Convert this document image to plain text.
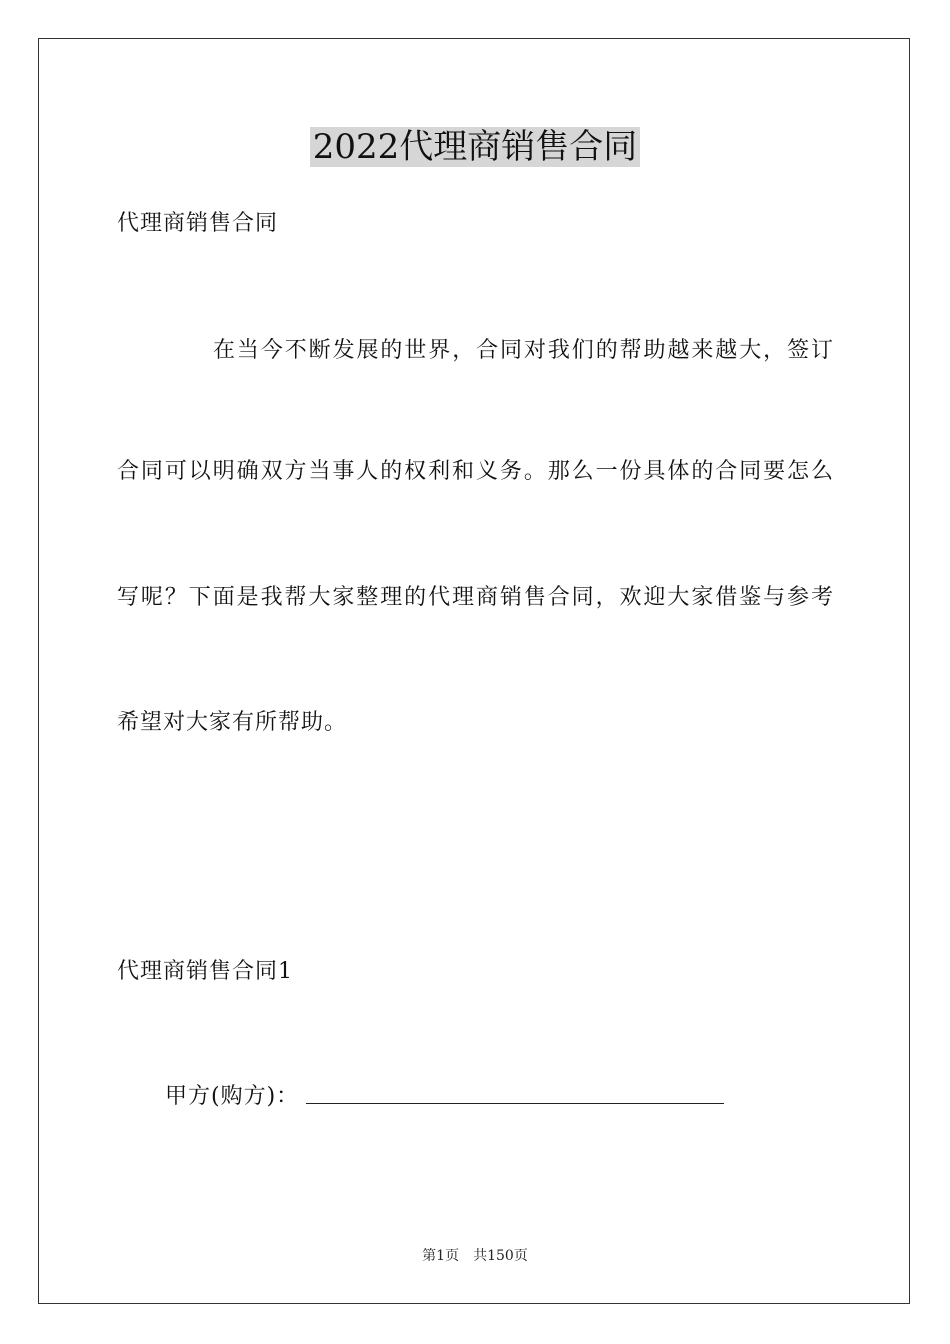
2022代理商销售合同
代理商销售合同
在当今不断发展的世界，合同对我们的帮助越来越大，签订
合同可以明确双方当事人的权利和义务。那么一份具体的合同要怎么
写呢？下面是我帮大家整理的代理商销售合同，欢迎大家借鉴与参考
希望对大家有所帮助。
代理商销售合同1
甲方(购方)：
第1页 共150页
